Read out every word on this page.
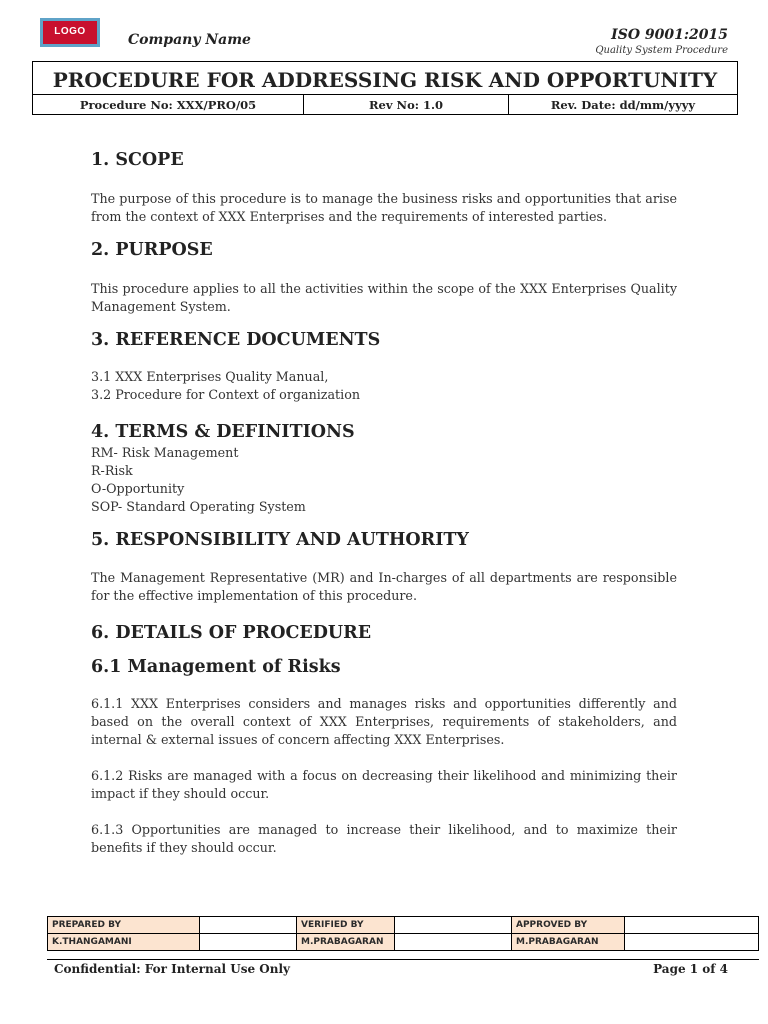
LOGO
Company Name	ISO 9001:2015
Quality System Procedure
PROCEDURE FOR ADDRESSING RISK AND OPPORTUNITY
Procedure No: XXX/PRO/05	Rev No: 1.0	Rev. Date: dd/mm/yyyy
1. SCOPE

The purpose of this procedure is to manage the business risks and opportunities that arise from the context of XXX Enterprises and the requirements of interested parties.

2. PURPOSE

This procedure applies to all the activities within the scope of the XXX Enterprises Quality Management System.

3. REFERENCE DOCUMENTS

3.1 XXX Enterprises Quality Manual,

3.2 Procedure for Context of organization

4. TERMS & DEFINITIONS

RM- Risk Management

R-Risk

O-Opportunity

SOP- Standard Operating System

5. RESPONSIBILITY AND AUTHORITY

The Management Representative (MR) and In-charges of all departments are responsible for the effective implementation of this procedure.

6. DETAILS OF PROCEDURE
6.1 Management of Risks

6.1.1 XXX Enterprises considers and manages risks and opportunities differently and based on the overall context of XXX Enterprises, requirements of stakeholders, and internal & external issues of concern affecting XXX Enterprises.

6.1.2 Risks are managed with a focus on decreasing their likelihood and minimizing their impact if they should occur.

6.1.3 Opportunities are managed to increase their likelihood, and to maximize their benefits if they should occur.

PREPARED BY		VERIFIED BY		APPROVED BY	
K.THANGAMANI		M.PRABAGARAN		M.PRABAGARAN	
Confidential: For Internal Use Only	Page 1 of 4
